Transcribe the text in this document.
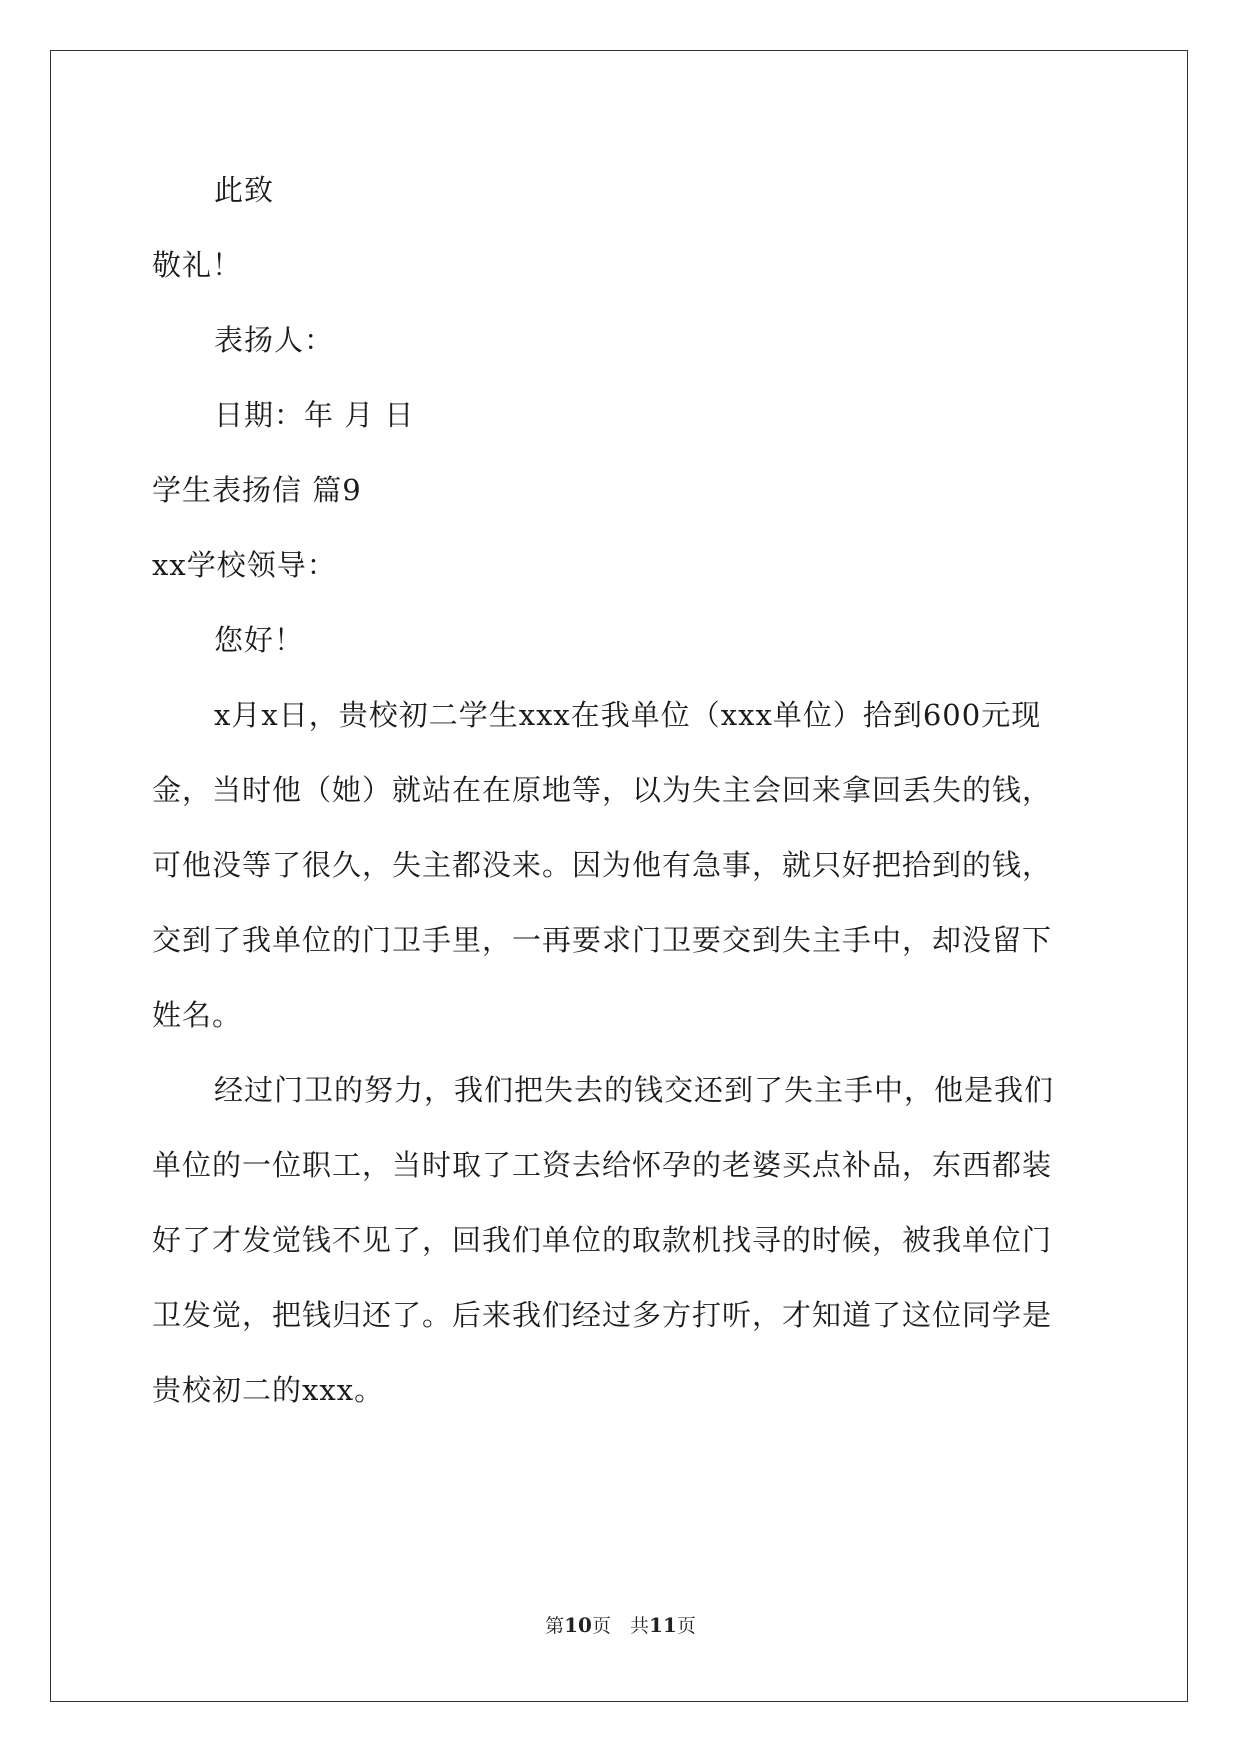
此致
敬礼！
表扬人：
日期：年 月 日
学生表扬信 篇9
xx学校领导：
您好！
x月x日，贵校初二学生xxx在我单位（xxx单位）拾到600元现
金，当时他（她）就站在在原地等，以为失主会回来拿回丢失的钱，
可他没等了很久，失主都没来。因为他有急事，就只好把拾到的钱，
交到了我单位的门卫手里，一再要求门卫要交到失主手中，却没留下
姓名。
经过门卫的努力，我们把失去的钱交还到了失主手中，他是我们
单位的一位职工，当时取了工资去给怀孕的老婆买点补品，东西都装
好了才发觉钱不见了，回我们单位的取款机找寻的时候，被我单位门
卫发觉，把钱归还了。后来我们经过多方打听，才知道了这位同学是
贵校初二的xxx。
第10页　共11页
